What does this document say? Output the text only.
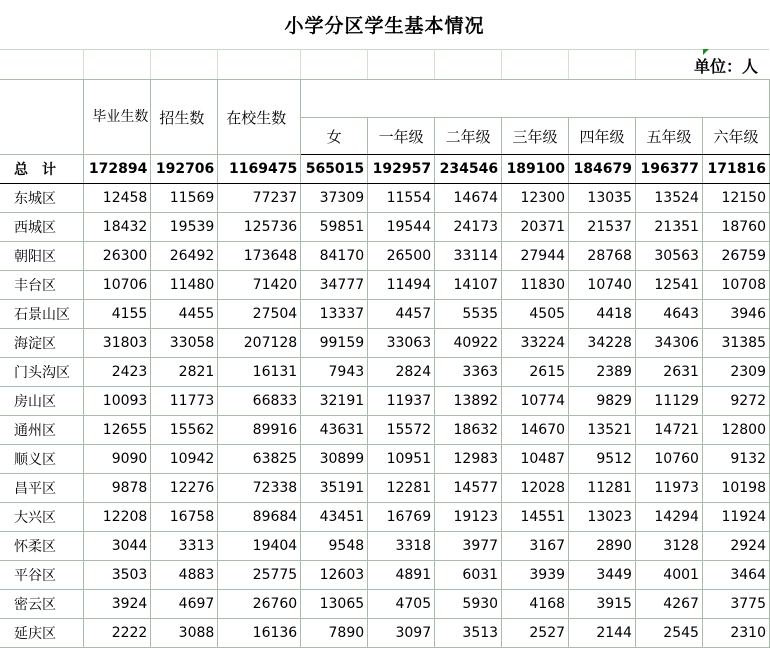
小学分区学生基本情况
单位：人
	毕业生数	招生数	在校生数							
				女	一年级	二年级	三年级	四年级	五年级	六年级
总　计	172894	192706	1169475	565015	192957	234546	189100	184679	196377	171816
东城区	12458	11569	77237	37309	11554	14674	12300	13035	13524	12150
西城区	18432	19539	125736	59851	19544	24173	20371	21537	21351	18760
朝阳区	26300	26492	173648	84170	26500	33114	27944	28768	30563	26759
丰台区	10706	11480	71420	34777	11494	14107	11830	10740	12541	10708
石景山区	4155	4455	27504	13337	4457	5535	4505	4418	4643	3946
海淀区	31803	33058	207128	99159	33063	40922	33224	34228	34306	31385
门头沟区	2423	2821	16131	7943	2824	3363	2615	2389	2631	2309
房山区	10093	11773	66833	32191	11937	13892	10774	9829	11129	9272
通州区	12655	15562	89916	43631	15572	18632	14670	13521	14721	12800
顺义区	9090	10942	63825	30899	10951	12983	10487	9512	10760	9132
昌平区	9878	12276	72338	35191	12281	14577	12028	11281	11973	10198
大兴区	12208	16758	89684	43451	16769	19123	14551	13023	14294	11924
怀柔区	3044	3313	19404	9548	3318	3977	3167	2890	3128	2924
平谷区	3503	4883	25775	12603	4891	6031	3939	3449	4001	3464
密云区	3924	4697	26760	13065	4705	5930	4168	3915	4267	3775
延庆区	2222	3088	16136	7890	3097	3513	2527	2144	2545	2310
